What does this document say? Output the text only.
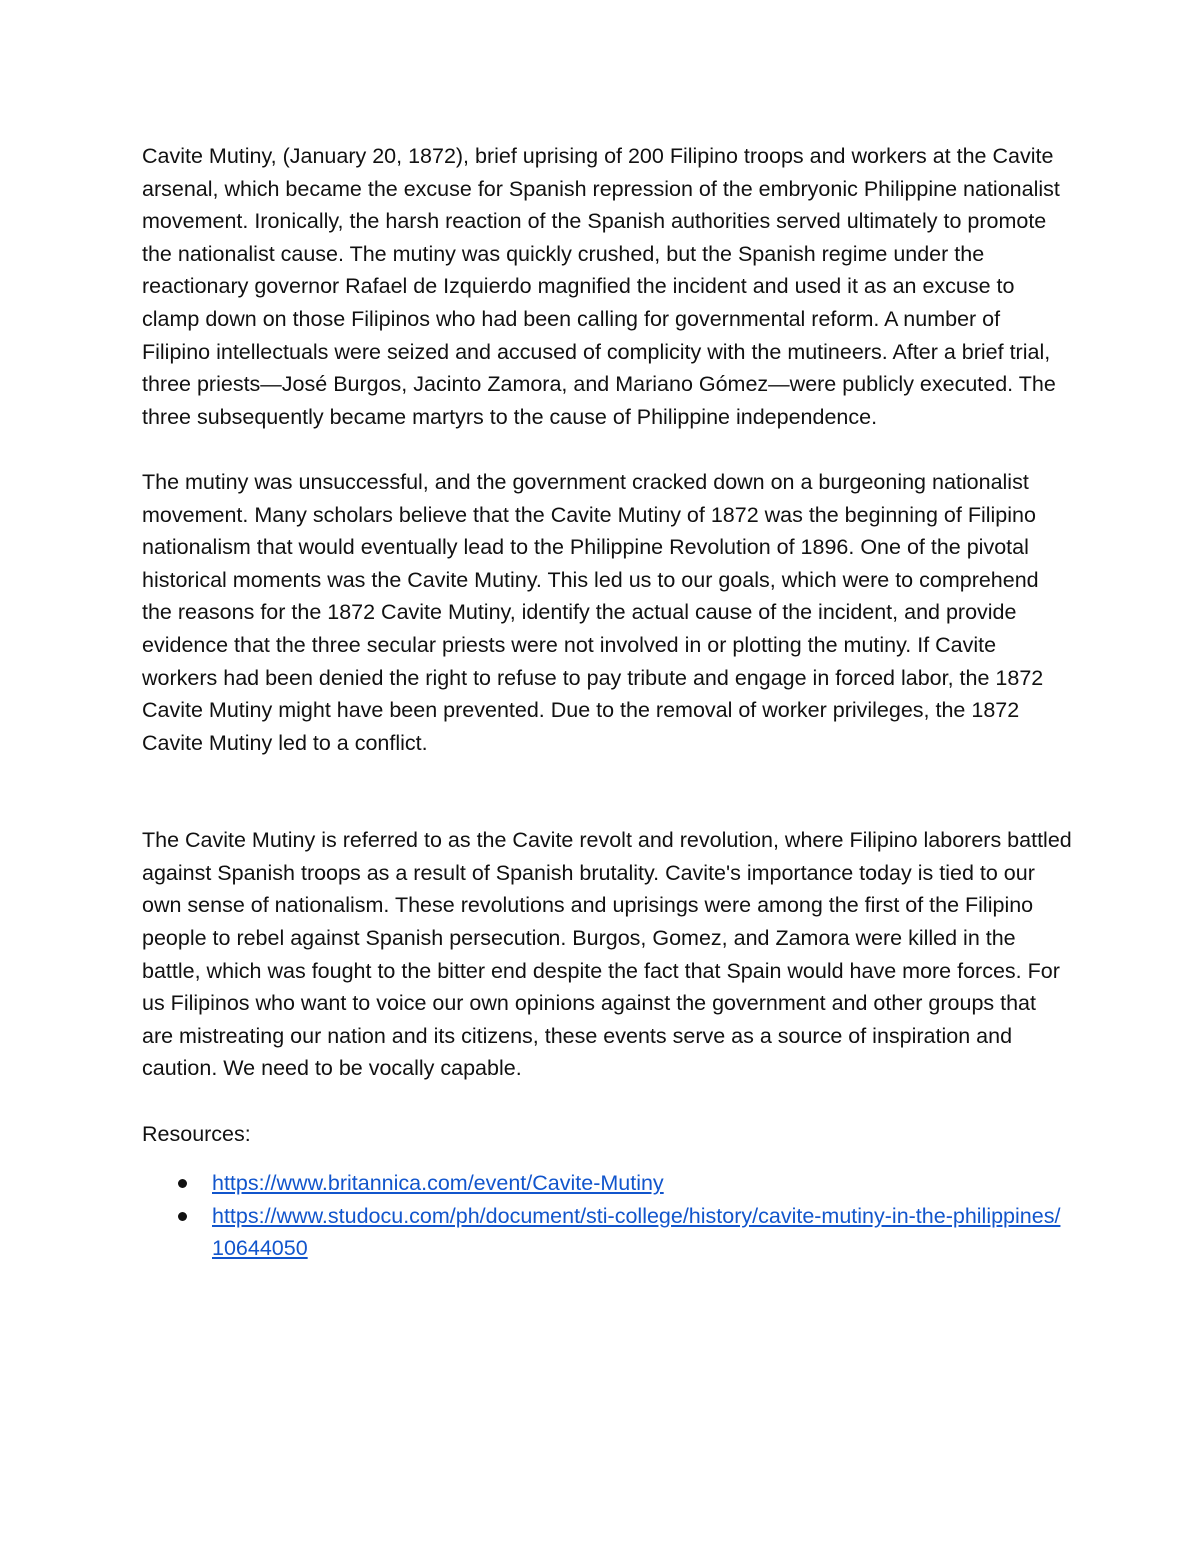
Cavite Mutiny, (January 20, 1872), brief uprising of 200 Filipino troops and workers at the Cavite arsenal, which became the excuse for Spanish repression of the embryonic Philippine nationalist movement. Ironically, the harsh reaction of the Spanish authorities served ultimately to promote the nationalist cause. The mutiny was quickly crushed, but the Spanish regime under the reactionary governor Rafael de Izquierdo magnified the incident and used it as an excuse to clamp down on those Filipinos who had been calling for governmental reform. A number of Filipino intellectuals were seized and accused of complicity with the mutineers. After a brief trial, three priests—José Burgos, Jacinto Zamora, and Mariano Gómez—were publicly executed. The three subsequently became martyrs to the cause of Philippine independence.

The mutiny was unsuccessful, and the government cracked down on a burgeoning nationalist movement. Many scholars believe that the Cavite Mutiny of 1872 was the beginning of Filipino nationalism that would eventually lead to the Philippine Revolution of 1896. One of the pivotal historical moments was the Cavite Mutiny. This led us to our goals, which were to comprehend the reasons for the 1872 Cavite Mutiny, identify the actual cause of the incident, and provide evidence that the three secular priests were not involved in or plotting the mutiny. If Cavite workers had been denied the right to refuse to pay tribute and engage in forced labor, the 1872 Cavite Mutiny might have been prevented. Due to the removal of worker privileges, the 1872 Cavite Mutiny led to a conflict.

The Cavite Mutiny is referred to as the Cavite revolt and revolution, where Filipino laborers battled against Spanish troops as a result of Spanish brutality. Cavite's importance today is tied to our own sense of nationalism. These revolutions and uprisings were among the first of the Filipino people to rebel against Spanish persecution. Burgos, Gomez, and Zamora were killed in the battle, which was fought to the bitter end despite the fact that Spain would have more forces. For us Filipinos who want to voice our own opinions against the government and other groups that are mistreating our nation and its citizens, these events serve as a source of inspiration and caution. We need to be vocally capable.

Resources:

https://www.britannica.com/event/Cavite-Mutiny
https://www.studocu.com/ph/document/sti-college/history/cavite-mutiny-in-the-philippines/10644050
